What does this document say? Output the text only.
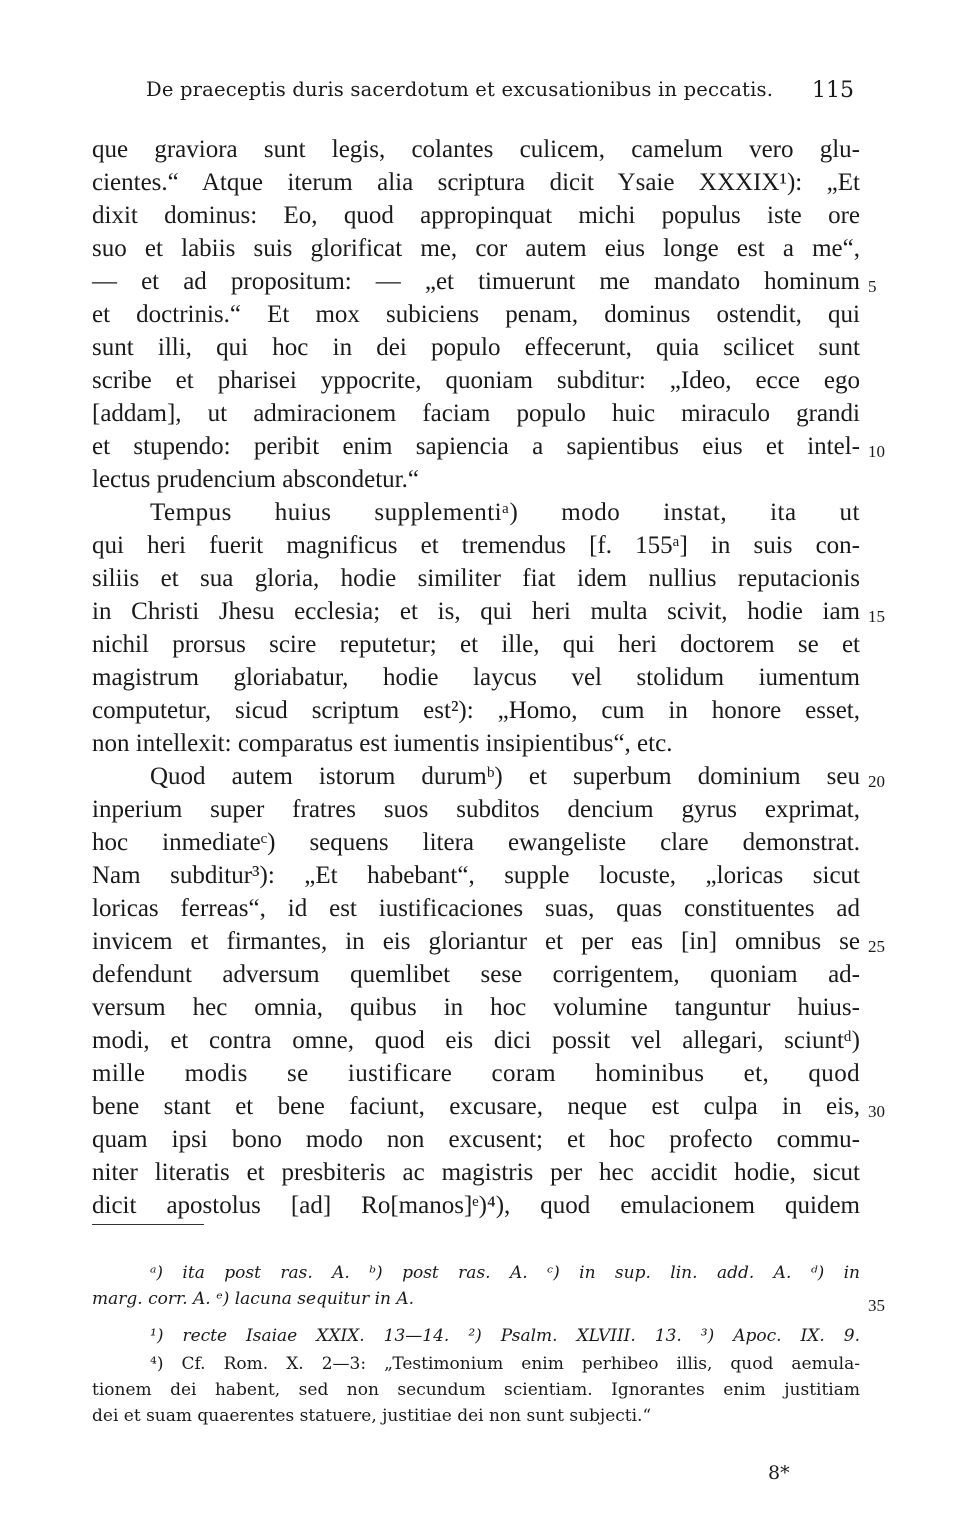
De praeceptis duris sacerdotum et excusationibus in peccatis. 115
que graviora sunt legis, colantes culicem, camelum vero glu-
cientes.“ Atque iterum alia scriptura dicit Ysaie XXXIX¹): „Et
dixit dominus: Eo, quod appropinquat michi populus iste ore
suo et labiis suis glorificat me, cor autem eius longe est a me“,
— et ad propositum: — „et timuerunt me mandato hominum
et doctrinis.“ Et mox subiciens penam, dominus ostendit, qui
sunt illi, qui hoc in dei populo effecerunt, quia scilicet sunt
scribe et pharisei yppocrite, quoniam subditur: „Ideo, ecce ego
[addam], ut admiracionem faciam populo huic miraculo grandi
et stupendo: peribit enim sapiencia a sapientibus eius et intel-
lectus prudencium abscondetur.“
Tempus huius supplementiᵃ) modo instat, ita ut
qui heri fuerit magnificus et tremendus [f. 155ᵃ] in suis con-
siliis et sua gloria, hodie similiter fiat idem nullius reputacionis
in Christi Jhesu ecclesia; et is, qui heri multa scivit, hodie iam
nichil prorsus scire reputetur; et ille, qui heri doctorem se et
magistrum gloriabatur, hodie laycus vel stolidum iumentum
computetur, sicud scriptum est²): „Homo, cum in honore esset,
non intellexit: comparatus est iumentis insipientibus“, etc.
Quod autem istorum durumᵇ) et superbum dominium seu
inperium super fratres suos subditos dencium gyrus exprimat,
hoc inmediateᶜ) sequens litera ewangeliste clare demonstrat.
Nam subditur³): „Et habebant“, supple locuste, „loricas sicut
loricas ferreas“, id est iustificaciones suas, quas constituentes ad
invicem et firmantes, in eis gloriantur et per eas [in] omnibus se
defendunt adversum quemlibet sese corrigentem, quoniam ad-
versum hec omnia, quibus in hoc volumine tanguntur huius-
modi, et contra omne, quod eis dici possit vel allegari, sciuntᵈ)
mille modis se iustificare coram hominibus et, quod
bene stant et bene faciunt, excusare, neque est culpa in eis,
quam ipsi bono modo non excusent; et hoc profecto commu-
niter literatis et presbiteris ac magistris per hec accidit hodie, sicut
dicit apostolus [ad] Ro[manos]ᵉ)⁴), quod emulacionem quidem
5
10
15
20
25
30
35
ᵃ) ita post ras. A. ᵇ) post ras. A. ᶜ) in sup. lin. add. A. ᵈ) in
marg. corr. A. ᵉ) lacuna sequitur in A.
¹) recte Isaiae XXIX. 13—14. ²) Psalm. XLVIII. 13. ³) Apoc. IX. 9.
⁴) Cf. Rom. X. 2—3: „Testimonium enim perhibeo illis, quod aemula-
tionem dei habent, sed non secundum scientiam. Ignorantes enim justitiam
dei et suam quaerentes statuere, justitiae dei non sunt subjecti.“
8*
